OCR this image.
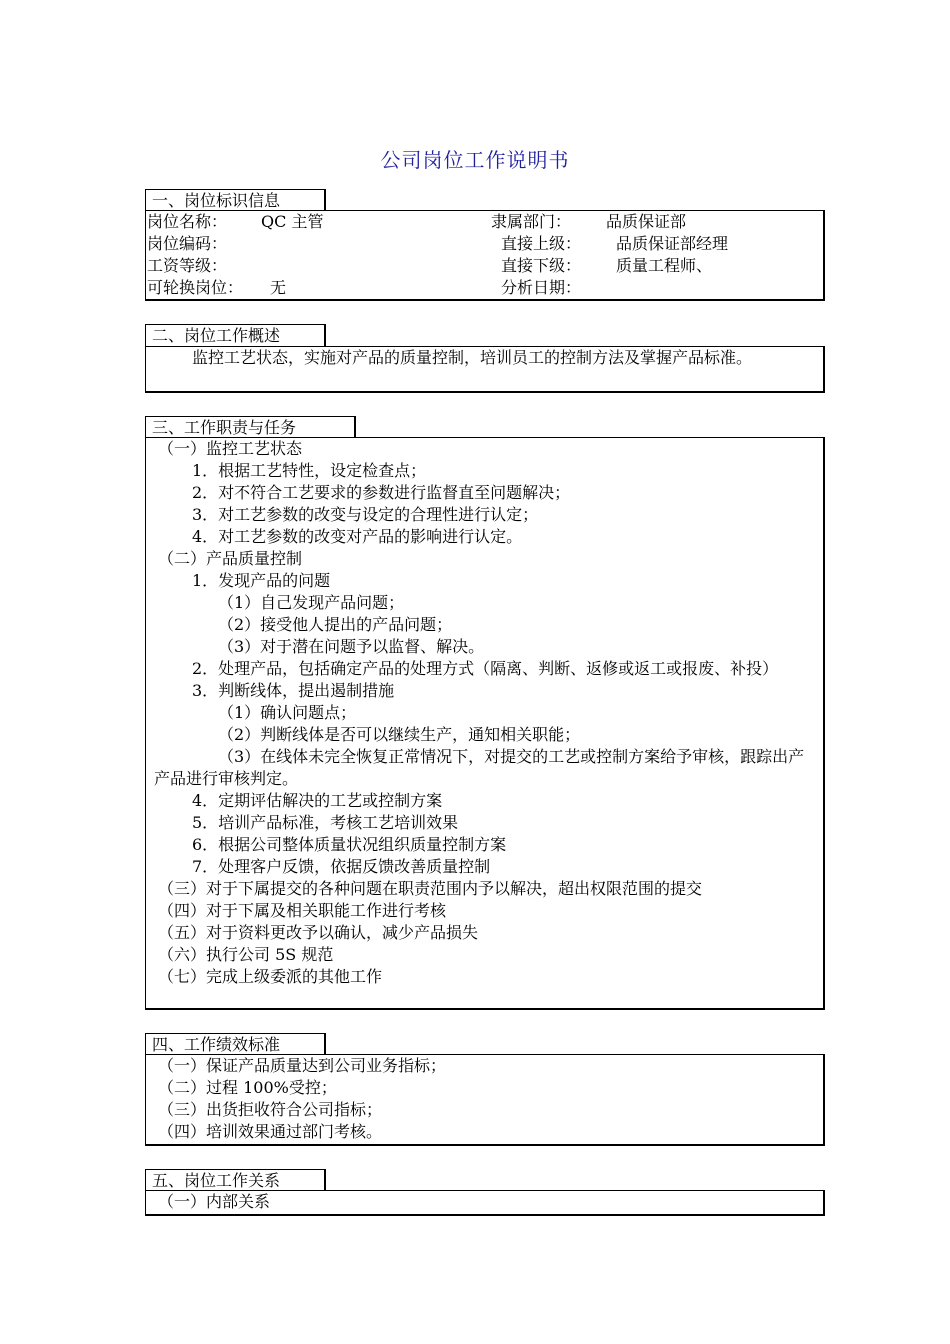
公司岗位工作说明书
一、岗位标识信息
岗位名称： QC 主管	隶属部门： 品质保证部
岗位编码：	直接上级： 品质保证部经理
工资等级：	直接下级： 质量工程师、
可轮换岗位： 无	分析日期：
二、岗位工作概述
监控工艺状态，实施对产品的质量控制，培训员工的控制方法及掌握产品标准。
三、工作职责与任务
（一）监控工艺状态
1．根据工艺特性，设定检查点；
2．对不符合工艺要求的参数进行监督直至问题解决；
3．对工艺参数的改变与设定的合理性进行认定；
4．对工艺参数的改变对产品的影响进行认定。
（二）产品质量控制
1．发现产品的问题
（1）自己发现产品问题；
（2）接受他人提出的产品问题；
（3）对于潜在问题予以监督、解决。
2．处理产品，包括确定产品的处理方式（隔离、判断、返修或返工或报废、补投）
3．判断线体，提出遏制措施
（1）确认问题点；
（2）判断线体是否可以继续生产，通知相关职能；
（3）在线体未完全恢复正常情况下，对提交的工艺或控制方案给予审核，跟踪出产产品进行审核判定。
4．定期评估解决的工艺或控制方案
5．培训产品标准，考核工艺培训效果
6．根据公司整体质量状况组织质量控制方案
7．处理客户反馈，依据反馈改善质量控制
（三）对于下属提交的各种问题在职责范围内予以解决，超出权限范围的提交
（四）对于下属及相关职能工作进行考核
（五）对于资料更改予以确认，减少产品损失
（六）执行公司 5S 规范
（七）完成上级委派的其他工作
四、工作绩效标准
（一）保证产品质量达到公司业务指标；
（二）过程 100%受控；
（三）出货拒收符合公司指标；
（四）培训效果通过部门考核。
五、岗位工作关系
（一）内部关系
